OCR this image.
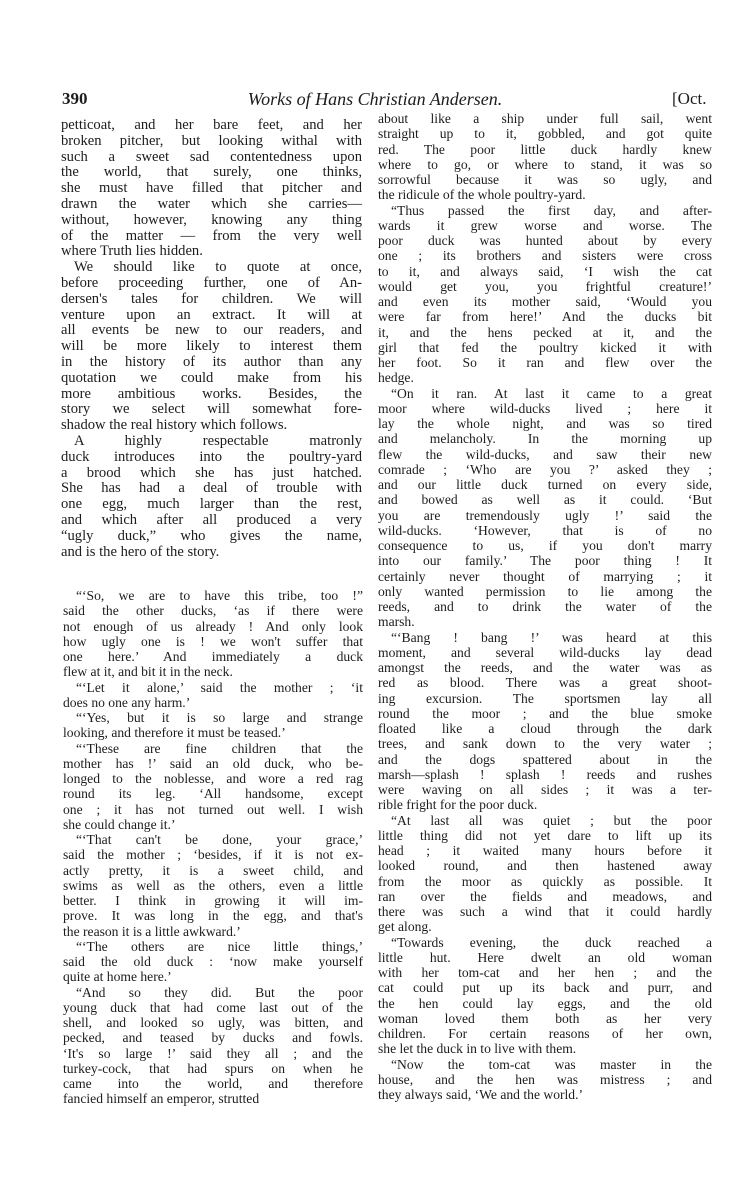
390	Works of Hans Christian Andersen.	[Oct.
petticoat, and her bare feet, and her
broken pitcher, but looking withal with
such a sweet sad contentedness upon
the world, that surely, one thinks,
she must have filled that pitcher and
drawn the water which she carries—
without, however, knowing any thing
of the matter — from the very well
where Truth lies hidden.
We should like to quote at once,
before proceeding further, one of An-
dersen's tales for children. We will
venture upon an extract. It will at
all events be new to our readers, and
will be more likely to interest them
in the history of its author than any
quotation we could make from his
more ambitious works. Besides, the
story we select will somewhat fore-
shadow the real history which follows.
A highly respectable matronly
duck introduces into the poultry-yard
a brood which she has just hatched.
She has had a deal of trouble with
one egg, much larger than the rest,
and which after all produced a very
“ugly duck,” who gives the name,
and is the hero of the story.
“‘So, we are to have this tribe, too !”
said the other ducks, ‘as if there were
not enough of us already ! And only look
how ugly one is ! we won't suffer that
one here.’ And immediately a duck
flew at it, and bit it in the neck.
“‘Let it alone,’ said the mother ; ‘it
does no one any harm.’
“‘Yes, but it is so large and strange
looking, and therefore it must be teased.’
“‘These are fine children that the
mother has !’ said an old duck, who be-
longed to the noblesse, and wore a red rag
round its leg. ‘All handsome, except
one ; it has not turned out well. I wish
she could change it.’
“‘That can't be done, your grace,’
said the mother ; ‘besides, if it is not ex-
actly pretty, it is a sweet child, and
swims as well as the others, even a little
better. I think in growing it will im-
prove. It was long in the egg, and that's
the reason it is a little awkward.’
“‘The others are nice little things,’
said the old duck : ‘now make yourself
quite at home here.’
“And so they did. But the poor
young duck that had come last out of the
shell, and looked so ugly, was bitten, and
pecked, and teased by ducks and fowls.
‘It's so large !’ said they all ; and the
turkey-cock, that had spurs on when he
came into the world, and therefore
fancied himself an emperor, strutted
about like a ship under full sail, went
straight up to it, gobbled, and got quite
red. The poor little duck hardly knew
where to go, or where to stand, it was so
sorrowful because it was so ugly, and
the ridicule of the whole poultry-yard.
“Thus passed the first day, and after-
wards it grew worse and worse. The
poor duck was hunted about by every
one ; its brothers and sisters were cross
to it, and always said, ‘I wish the cat
would get you, you frightful creature!’
and even its mother said, ‘Would you
were far from here!’ And the ducks bit
it, and the hens pecked at it, and the
girl that fed the poultry kicked it with
her foot. So it ran and flew over the
hedge.
“On it ran. At last it came to a great
moor where wild-ducks lived ; here it
lay the whole night, and was so tired
and melancholy. In the morning up
flew the wild-ducks, and saw their new
comrade ; ‘Who are you ?’ asked they ;
and our little duck turned on every side,
and bowed as well as it could. ‘But
you are tremendously ugly !’ said the
wild-ducks. ‘However, that is of no
consequence to us, if you don't marry
into our family.’ The poor thing ! It
certainly never thought of marrying ; it
only wanted permission to lie among the
reeds, and to drink the water of the
marsh.
“‘Bang ! bang !’ was heard at this
moment, and several wild-ducks lay dead
amongst the reeds, and the water was as
red as blood. There was a great shoot-
ing excursion. The sportsmen lay all
round the moor ; and the blue smoke
floated like a cloud through the dark
trees, and sank down to the very water ;
and the dogs spattered about in the
marsh—splash ! splash ! reeds and rushes
were waving on all sides ; it was a ter-
rible fright for the poor duck.
“At last all was quiet ; but the poor
little thing did not yet dare to lift up its
head ; it waited many hours before it
looked round, and then hastened away
from the moor as quickly as possible. It
ran over the fields and meadows, and
there was such a wind that it could hardly
get along.
“Towards evening, the duck reached a
little hut. Here dwelt an old woman
with her tom-cat and her hen ; and the
cat could put up its back and purr, and
the hen could lay eggs, and the old
woman loved them both as her very
children. For certain reasons of her own,
she let the duck in to live with them.
“Now the tom-cat was master in the
house, and the hen was mistress ; and
they always said, ‘We and the world.’
